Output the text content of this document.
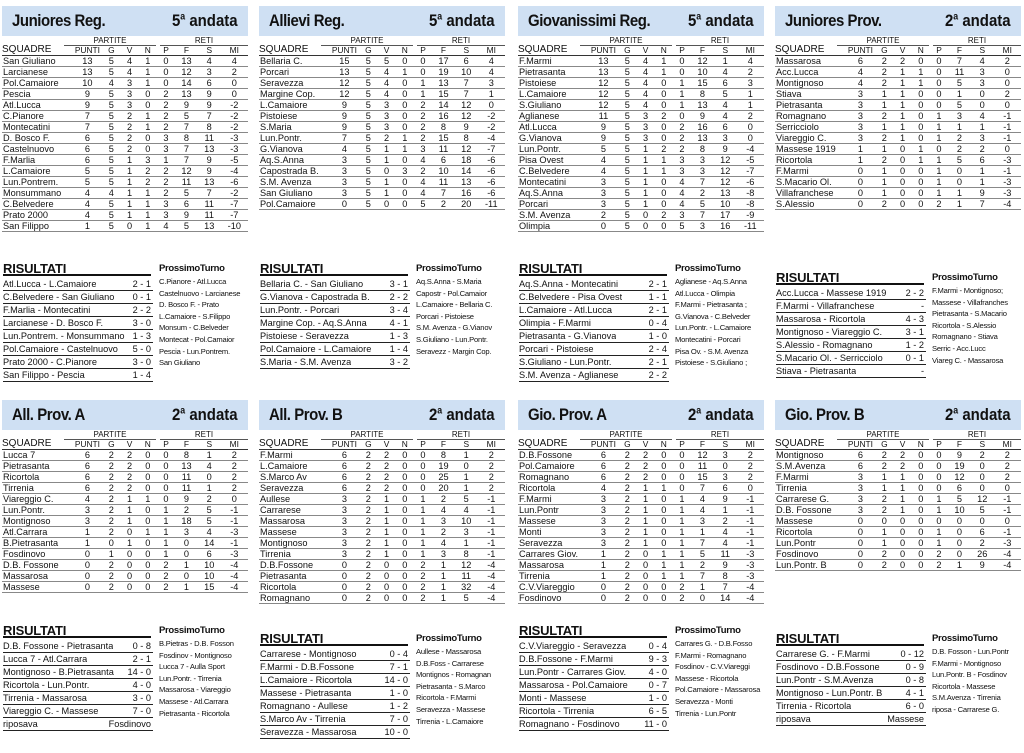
Juniores Reg.	5$^a$ andata
PARTITE	RETI
SQUADRE	PUNTI	G	V	N	P	F	S	MI
San Giuliano	13	5	4	1	0	13	4	4
Larcianese	13	5	4	1	0	12	3	2
Pol.Camaiore	10	4	3	1	0	14	6	0
Pescia	9	5	3	0	2	13	9	0
Atl.Lucca	9	5	3	0	2	9	9	-2
C.Pianore	7	5	2	1	2	5	7	-2
Montecatini	7	5	2	1	2	7	8	-2
D. Bosco F.	6	5	2	0	3	8	11	-3
Castelnuovo	6	5	2	0	3	7	13	-3
F.Marlia	6	5	1	3	1	7	9	-5
L.Camaiore	5	5	1	2	2	12	9	-4
Lun.Pontrem.	5	5	1	2	2	11	13	-6
Monsummano	4	4	1	1	2	5	7	-2
C.Belvedere	4	5	1	1	3	6	11	-7
Prato 2000	4	5	1	1	3	9	11	-7
San Filippo	1	5	0	1	4	5	13	-10
RISULTATI
Atl.Lucca - L.Camaiore	2 - 1
C.Belvedere - San Giuliano 0 - 1
F.Marlia - Montecatini	2 - 2
Larcianese - D. Bosco F.	3 - 0
Lun.Pontrem. - Monsummano 1 - 3
Pol.Camaiore - Castelnuovo 5 - 0
Prato 2000 - C.Pianore	3 - 0
San Filippo - Pescia	1 - 4
ProssimoTurno
C.Pianore - Atl.Lucca
Castelnuovo - Larcianese
D. Bosco F. - Prato
L.Camaiore - S.Filippo
Monsum - C.Belveder
Montecat - Pol.Camaior
Pescia - Lun.Pontrem.
San Giuliano
Allievi Reg.	5$^a$ andata
PARTITE	RETI
SQUADRE	PUNTI	G	V	N	P	F	S	MI
Bellaria C.	15	5	5	0	0	17	6	4
Porcari	13	5	4	1	0	19	10	4
Seravezza	12	5	4	0	1	13	7	3
Margine Cop.	12	5	4	0	1	15	7	1
L.Camaiore	9	5	3	0	2	14	12	0
Pistoiese	9	5	3	0	2	16	12	-2
S.Maria	9	5	3	0	2	8	9	-2
Lun.Pontr.	7	5	2	1	2	15	8	-4
G.Vianova	4	5	1	1	3	11	12	-7
Aq.S.Anna	3	5	1	0	4	6	18	-6
Capostrada B.	3	5	0	3	2	10	14	-6
S.M. Avenza	3	5	1	0	4	11	13	-6
San Giuliano	3	5	1	0	4	7	16	-6
Pol.Camaiore	0	5	0	0	5	2	20	-11
RISULTATI
Bellaria C. - San Giuliano	3 - 1
G.Vianova - Capostrada B. 2 - 2
Lun.Pontr. - Porcari	3 - 4
Margine Cop. - Aq.S.Anna 4 - 1
Pistoiese - Seravezza	1 - 3
Pol.Camaiore - L.Camaiore 1 - 4
S.Maria - S.M. Avenza	3 - 2
ProssimoTurno
Aq.S.Anna - S.Maria
Capostr - Pol.Camaior
L.Camaiore - Bellaria C.
Porcari - Pistoiese
S.M. Avenza - G.Vianov
S.Giuliano - Lun.Pontr.
Seravezz - Margin Cop.
Giovanissimi Reg. 5$^a$ andata
PARTITE	RETI
SQUADRE	PUNTI	G	V	N	P	F	S	MI
F.Marmi	13	5	4	1	0	12	1	4
Pietrasanta	13	5	4	1	0	10	4	2
Pistoiese	12	5	4	0	1	15	6	3
L.Camaiore	12	5	4	0	1	8	5	1
S.Giuliano	12	5	4	0	1	13	4	1
Aglianese	11	5	3	2	0	9	4	2
Atl.Lucca	9	5	3	0	2	16	6	0
G.Vianova	9	5	3	0	2	13	3	0
Lun.Pontr.	5	5	1	2	2	8	9	-4
Pisa Ovest	4	5	1	1	3	3	12	-5
C.Belvedere	4	5	1	1	3	3	12	-7
Montecatini	3	5	1	0	4	7	12	-6
Aq.S.Anna	3	5	1	0	4	2	13	-8
Porcari	3	5	1	0	4	5	10	-8
S.M. Avenza	2	5	0	2	3	7	17	-9
Olimpia	0	5	0	0	5	3	16	-11
RISULTATI
Aq.S.Anna - Montecatini	2 - 1
C.Belvedere - Pisa Ovest	1 - 1
L.Camaiore - Atl.Lucca	2 - 1
Olimpia - F.Marmi	0 - 4
Pietrasanta - G.Vianova	1 - 0
Porcari - Pistoiese	2 - 4
S.Giuliano - Lun.Pontr.	2 - 1
S.M. Avenza - Aglianese	2 - 2
ProssimoTurno
Aglianese - Aq.S.Anna
Atl.Lucca - Olimpia
F.Marmi - Pietrasanta ;
G.Vianova - C.Belveder
Lun.Pontr. - L.Camaiore
Montecatini - Porcari
Pisa Ov. - S.M. Avenza
Pistoiese - S.Giuliano ;
Juniores Prov.	2$^a$ andata
PARTITE	RETI
SQUADRE	PUNTI	G	V	N	P	F	S	MI
Massarosa	6	2	2	0	0	7	4	2
Acc.Lucca	4	2	1	1	0	11	3	0
Montignoso	4	2	1	1	0	5	3	0
Stiava	3	1	1	0	0	1	0	2
Pietrasanta	3	1	1	0	0	5	0	0
Romagnano	3	2	1	0	1	3	4	-1
Serricciolo	3	1	1	0	1	1	1	-1
Viareggio C.	3	2	1	0	1	2	3	-1
Massese 1919	1	1	0	1	0	2	2	0
Ricortola	1	2	0	1	1	5	6	-3
F.Marmi	0	1	0	0	1	0	1	-1
S.Macario Ol.	0	1	0	0	1	0	1	-3
Villafranchese	0	1	0	0	1	1	9	-3
S.Alessio	0	2	0	0	2	1	7	-4
RISULTATI
Acc.Lucca - Massese 1919 2 - 2
F.Marmi - Villafranchese	-
Massarosa - Ricortola	4 - 3
Montignoso - Viareggio C.	3 - 1
S.Alessio - Romagnano	1 - 2
S.Macario Ol. - Serricciolo 0 - 1
Stiava - Pietrasanta	-
ProssimoTurno
F.Marmi - Montignoso;
Massese - Villafranches
Pietrasanta - S.Macario
Ricortola - S.Alessio
Romagnano - Stiava
Serric - Acc.Lucc
Viareg C. - Massarosa
All. Prov. A	2$^a$ andata
PARTITE	RETI
SQUADRE	PUNTI	G	V	N	P	F	S	MI
Lucca 7	6	2	2	0	0	8	1	2
Pietrasanta	6	2	2	0	0	13	4	2
Ricortola	6	2	2	0	0	11	0	2
Tirrenia	6	2	2	0	0	11	1	2
Viareggio C.	4	2	1	1	0	9	2	0
Lun.Pontr.	3	2	1	0	1	2	5	-1
Montignoso	3	2	1	0	1	18	5	-1
Atl.Carrara	1	2	0	1	1	3	4	-3
B.Pietrasanta	1	0	1	0	1	0	14	-1
Fosdinovo	0	1	0	0	1	0	6	-3
D.B. Fossone	0	2	0	0	2	1	10	-4
Massarosa	0	2	0	0	2	0	10	-4
Massese	0	2	0	0	2	1	15	-4
RISULTATI
D.B. Fossone - Pietrasanta 0 - 8
Lucca 7 - Atl.Carrara	2 - 1
Montignoso - B.Pietrasanta 14 - 0
Ricortola - Lun.Pontr.	4 - 0
Tirrenia - Massarosa	3 - 0
Viareggio C. - Massese	7 - 0
riposava	Fosdinovo
ProssimoTurno
B.Pietras - D.B. Fosson
Fosdinov - Montignoso
Lucca 7 - Aulla Sport
Lun.Pontr. - Tirrenia
Massarosa - Viareggio
Massese - Atl.Carrara
Pietrasanta - Ricortola
All. Prov. B	2$^a$ andata
PARTITE	RETI
SQUADRE	PUNTI	G	V	N	P	F	S	MI
F.Marmi	6	2	2	0	0	8	1	2
L.Camaiore	6	2	2	0	0	19	0	2
S.Marco Av	6	2	2	0	0	25	1	2
Seravezza	6	2	2	0	0	20	1	2
Aullese	3	2	1	0	1	2	5	-1
Carrarese	3	2	1	0	1	4	4	-1
Massarosa	3	2	1	0	1	3	10	-1
Massese	3	2	1	0	1	2	3	-1
Montignoso	3	2	1	0	1	4	1	-1
Tirrenia	3	2	1	0	1	3	8	-1
D.B.Fossone	0	2	0	0	2	1	12	-4
Pietrasanta	0	2	0	0	2	1	11	-4
Ricortola	0	2	0	0	2	1	32	-4
Romagnano	0	2	0	0	2	1	5	-4
RISULTATI
Carrarese - Montignoso	0 - 4
F.Marmi - D.B.Fossone	7 - 1
L.Camaiore - Ricortola	14 - 0
Massese - Pietrasanta	1 - 0
Romagnano - Aullese	1 - 2
S.Marco Av - Tirrenia	7 - 0
Seravezza - Massarosa	10 - 0
ProssimoTurno
Aullese - Massarosa
D.B.Foss - Carrarese
Montignos - Romagnan
Pietrasanta - S.Marco
Ricortola - F.Marmi
Seravezza - Massese
Tirrenia - L.Camaiore
Gio. Prov. A	2$^a$ andata
PARTITE	RETI
SQUADRE	PUNTI	G	V	N	P	F	S	MI
D.B.Fossone	6	2	2	0	0	12	3	2
Pol.Camaiore	6	2	2	0	0	11	0	2
Romagnano	6	2	2	0	0	15	3	2
Ricortola	4	2	1	1	0	7	6	0
F.Marmi	3	2	1	0	1	4	9	-1
Lun.Pontr	3	2	1	0	1	4	1	-1
Massese	3	2	1	0	1	3	2	-1
Monti	3	2	1	0	1	1	4	-1
Seravezza	3	2	1	0	1	7	4	-1
Carrares Giov.	1	2	0	1	1	5	11	-3
Massarosa	1	2	0	1	1	2	9	-3
Tirrenia	1	2	0	1	1	7	8	-3
C.V.Viareggio	0	2	0	0	2	1	7	-4
Fosdinovo	0	2	0	0	2	0	14	-4
RISULTATI
C.V.Viareggio - Seravezza 0 - 4
D.B.Fossone - F.Marmi	9 - 3
Lun.Pontr - Carrares Giov. 4 - 0
Massarosa - Pol.Camaiore 0 - 7
Monti - Massese	1 - 0
Ricortola - Tirrenia	6 - 5
Romagnano - Fosdinovo	11 - 0
ProssimoTurno
Carrares G. - D.B.Fosso
F.Marmi - Romagnano
Fosdinov - C.V.Viareggi
Massese - Ricortola
Pol.Camaiore - Massarosa
Seravezza - Monti
Tirrenia - Lun.Pontr
Gio. Prov. B	2$^a$ andata
PARTITE	RETI
SQUADRE	PUNTI	G	V	N	P	F	S	MI
Montignoso	6	2	2	0	0	9	2	2
S.M.Avenza	6	2	2	0	0	19	0	2
F.Marmi	3	1	1	0	0	12	0	2
Tirrenia	3	1	1	0	0	6	0	0
Carrarese G.	3	2	1	0	1	5	12	-1
D.B. Fossone	3	2	1	0	1	10	5	-1
Massese	0	0	0	0	0	0	0	0
Ricortola	0	1	0	0	1	0	6	-1
Lun.Pontr	0	1	0	0	1	0	2	-3
Fosdinovo	0	2	0	0	2	0	26	-4
Lun.Pontr. B	0	2	0	0	2	1	9	-4
RISULTATI
Carrarese G. - F.Marmi	0 - 12
Fosdinovo - D.B.Fossone	0 - 9
Lun.Pontr - S.M.Avenza	0 - 8
Montignoso - Lun.Pontr. B	4 - 1
Tirrenia - Ricortola	6 - 0
riposava	Massese
ProssimoTurno
D.B. Fosson - Lun.Pontr
F.Marmi - Montignoso
Lun.Pontr. B - Fosdinov
Ricortola - Massese
S.M.Avenza - Tirrenia
riposa - Carrarese G.
